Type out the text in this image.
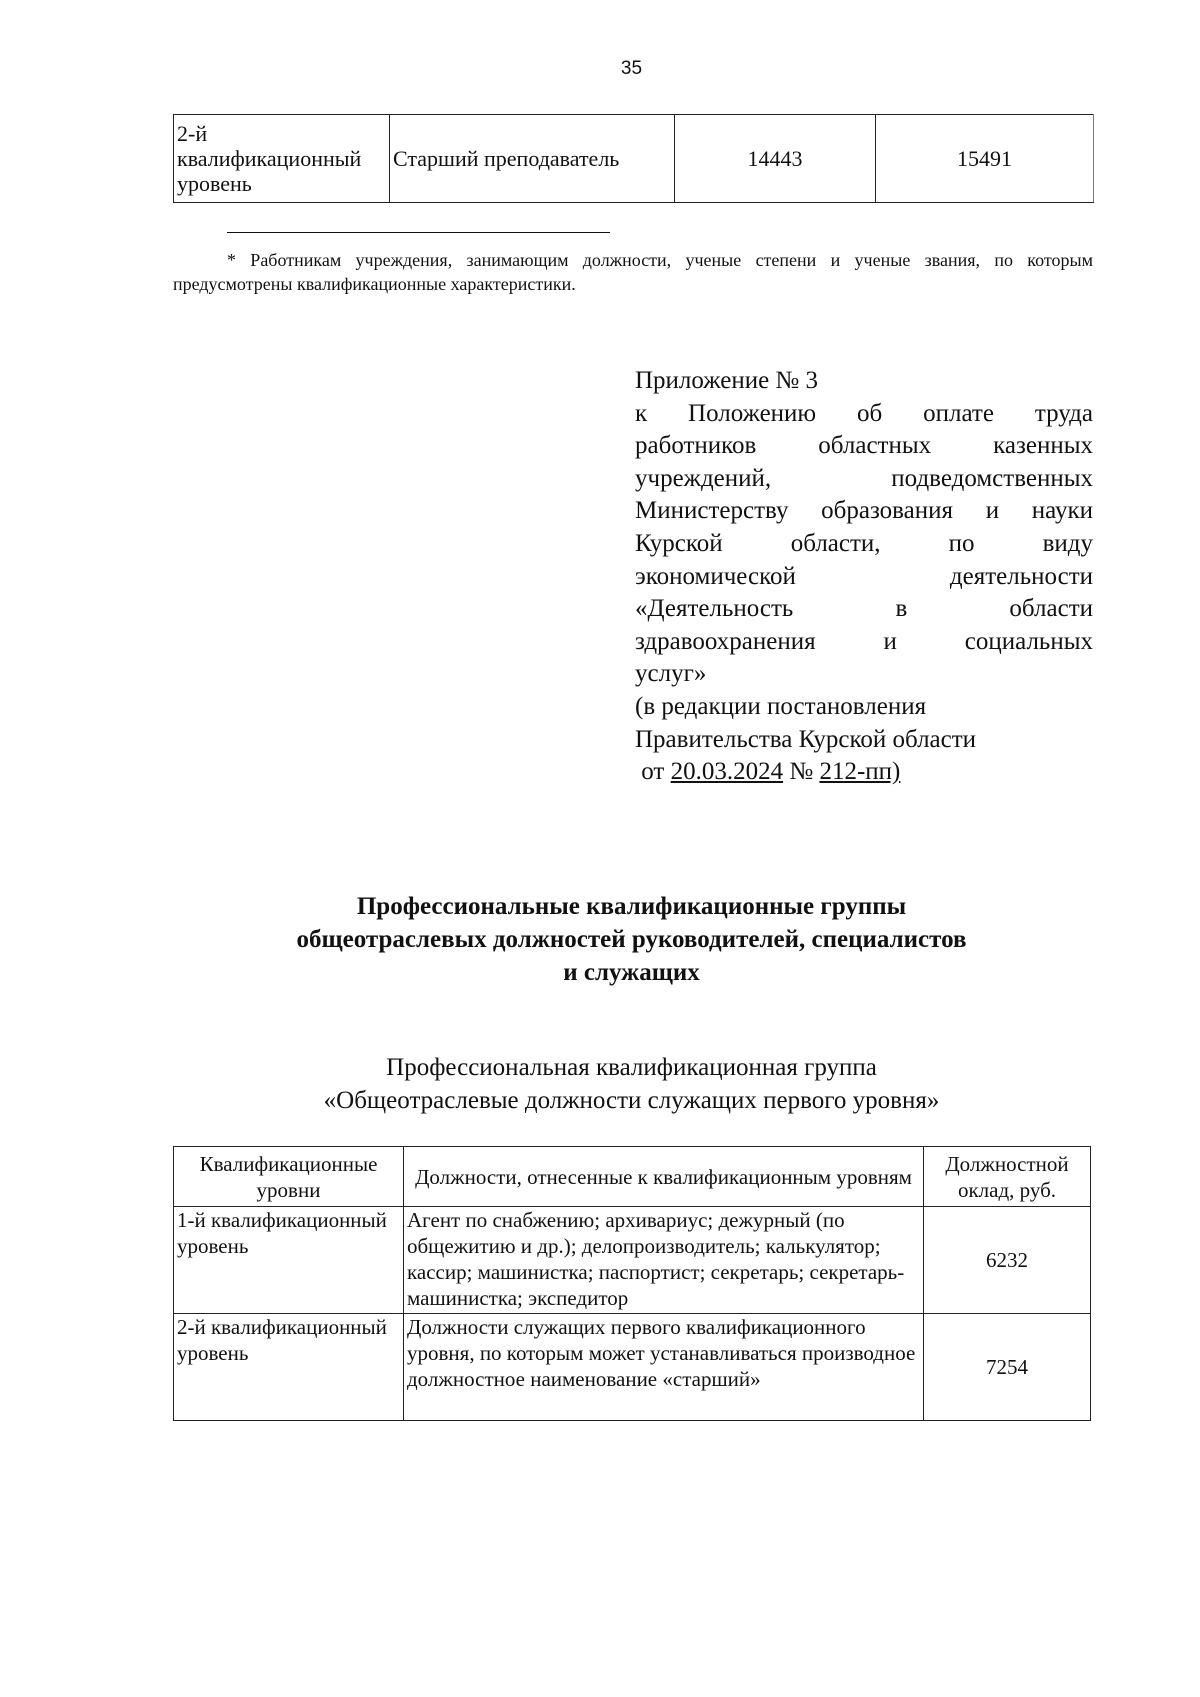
35
2-й квалификационный уровень	Старший преподаватель	14443	15491
* Работникам учреждения, занимающим должности, ученые степени и ученые звания, по которым предусмотрены квалификационные характеристики.
Приложение № 3
к Положению об оплате труда
работников областных казенных
учреждений, подведомственных
Министерству образования и науки
Курской области, по виду
экономической деятельности
«Деятельность в области
здравоохранения и социальных
услуг»
(в редакции постановления
Правительства Курской области
от 20.03.2024 № 212-пп)
Профессиональные квалификационные группы
общеотраслевых должностей руководителей, специалистов
и служащих
Профессиональная квалификационная группа
«Общеотраслевые должности служащих первого уровня»
Квалификационные уровни	Должности, отнесенные к квалификационным уровням	Должностной оклад, руб.
1-й квалификационный уровень	Агент по снабжению; архивариус; дежурный (по общежитию и др.); делопроизводитель; калькулятор; кассир; машинистка; паспортист; секретарь; секретарь-машинистка; экспедитор	6232
2-й квалификационный уровень	Должности служащих первого квалификационного уровня, по которым может устанавливаться производное должностное наименование «старший»	7254
